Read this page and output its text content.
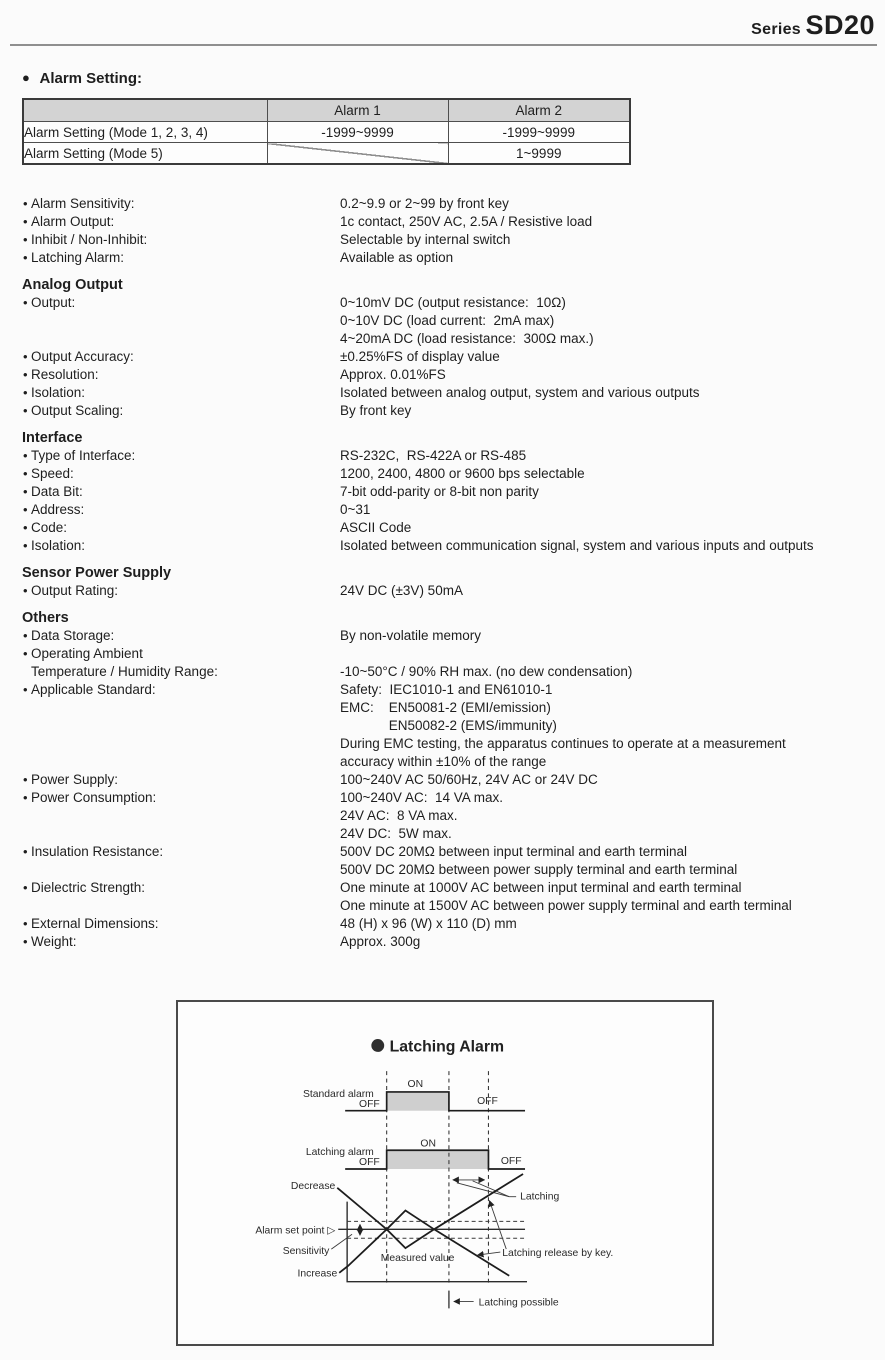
Series SD20
● Alarm Setting:
	Alarm 1	Alarm 2
Alarm Setting (Mode 1, 2, 3, 4)	-1999~9999	-1999~9999
Alarm Setting (Mode 5)		1~9999
• Alarm Sensitivity:	0.2~9.9 or 2~99 by front key
• Alarm Output:	1c contact, 250V AC, 2.5A / Resistive load
• Inhibit / Non-Inhibit:	Selectable by internal switch
• Latching Alarm:	Available as option
Analog Output
• Output:	0~10mV DC (output resistance:  10Ω)
0~10V DC (load current:  2mA max)
4~20mA DC (load resistance:  300Ω max.)
• Output Accuracy:	±0.25%FS of display value
• Resolution:	Approx. 0.01%FS
• Isolation:	Isolated between analog output, system and various outputs
• Output Scaling:	By front key
Interface
• Type of Interface:	RS-232C,  RS-422A or RS-485
• Speed:	1200, 2400, 4800 or 9600 bps selectable
• Data Bit:	7-bit odd-parity or 8-bit non parity
• Address:	0~31
• Code:	ASCII Code
• Isolation:	Isolated between communication signal, system and various inputs and outputs
Sensor Power Supply
• Output Rating:	24V DC (±3V) 50mA
Others
• Data Storage:	By non-volatile memory
• Operating Ambient
Temperature / Humidity Range:	-10~50°C / 90% RH max. (no dew condensation)
• Applicable Standard:	Safety:  IEC1010-1 and EN61010-1
EMC:    EN50081-2 (EMI/emission)
EN50082-2 (EMS/immunity)
During EMC testing, the apparatus continues to operate at a measurement
accuracy within ±10% of the range
• Power Supply:	100~240V AC 50/60Hz, 24V AC or 24V DC
• Power Consumption:	100~240V AC:  14 VA max.
24V AC:  8 VA max.
24V DC:  5W max.
• Insulation Resistance:	500V DC 20MΩ between input terminal and earth terminal
500V DC 20MΩ between power supply terminal and earth terminal
• Dielectric Strength:	One minute at 1000V AC between input terminal and earth terminal
One minute at 1500V AC between power supply terminal and earth terminal
• External Dimensions:	48 (H) x 96 (W) x 110 (D) mm
• Weight:	Approx. 300g
Latching Alarm
Standard alarm
OFF
ON
OFF
Latching alarm
OFF
ON
OFF
Latching
Decrease
Increase
Alarm set point ▷
Sensitivity
Measured value	Latching release by key.
Latching possible
